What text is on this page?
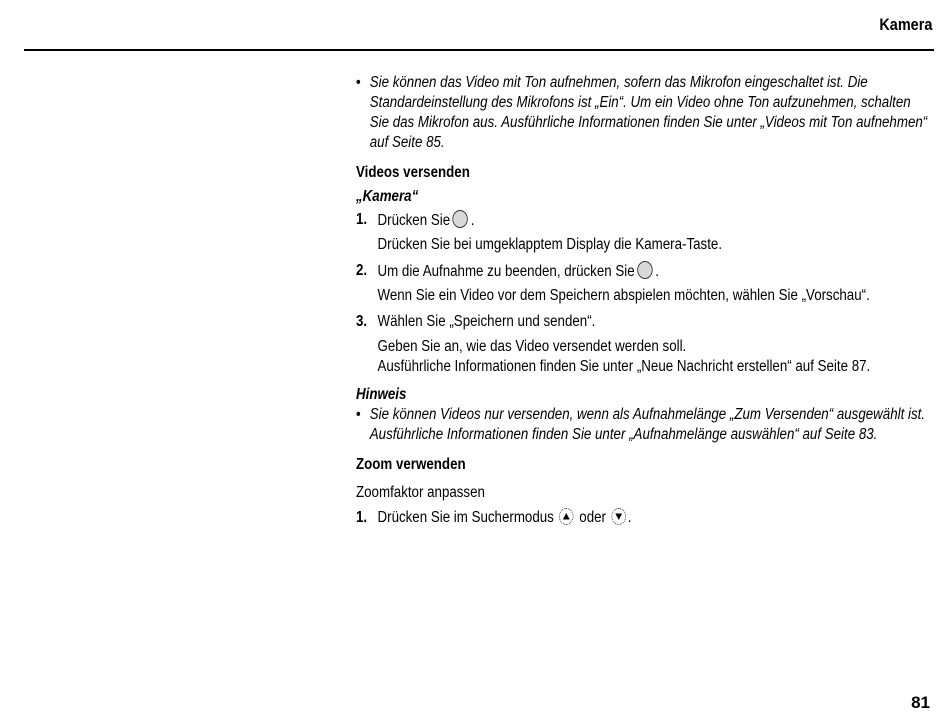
Kamera
• Sie können das Video mit Ton aufnehmen, sofern das Mikrofon eingeschaltet ist. Die Standardeinstellung des Mikrofons ist „Ein“. Um ein Video ohne Ton aufzunehmen, schalten Sie das Mikrofon aus. Ausführliche Informationen finden Sie unter „Videos mit Ton aufnehmen“ auf Seite 85.
Videos versenden
„Kamera“
1. Drücken Sie .
Drücken Sie bei umgeklapptem Display die Kamera-Taste.
2. Um die Aufnahme zu beenden, drücken Sie .
Wenn Sie ein Video vor dem Speichern abspielen möchten, wählen Sie „Vorschau“.
3. Wählen Sie „Speichern und senden“.
Geben Sie an, wie das Video versendet werden soll.
Ausführliche Informationen finden Sie unter „Neue Nachricht erstellen“ auf Seite 87.
Hinweis
• Sie können Videos nur versenden, wenn als Aufnahmelänge „Zum Versenden“ ausgewählt ist. Ausführliche Informationen finden Sie unter „Aufnahmelänge auswählen“ auf Seite 83.
Zoom verwenden
Zoomfaktor anpassen
1. Drücken Sie im Suchermodus oder .
81
